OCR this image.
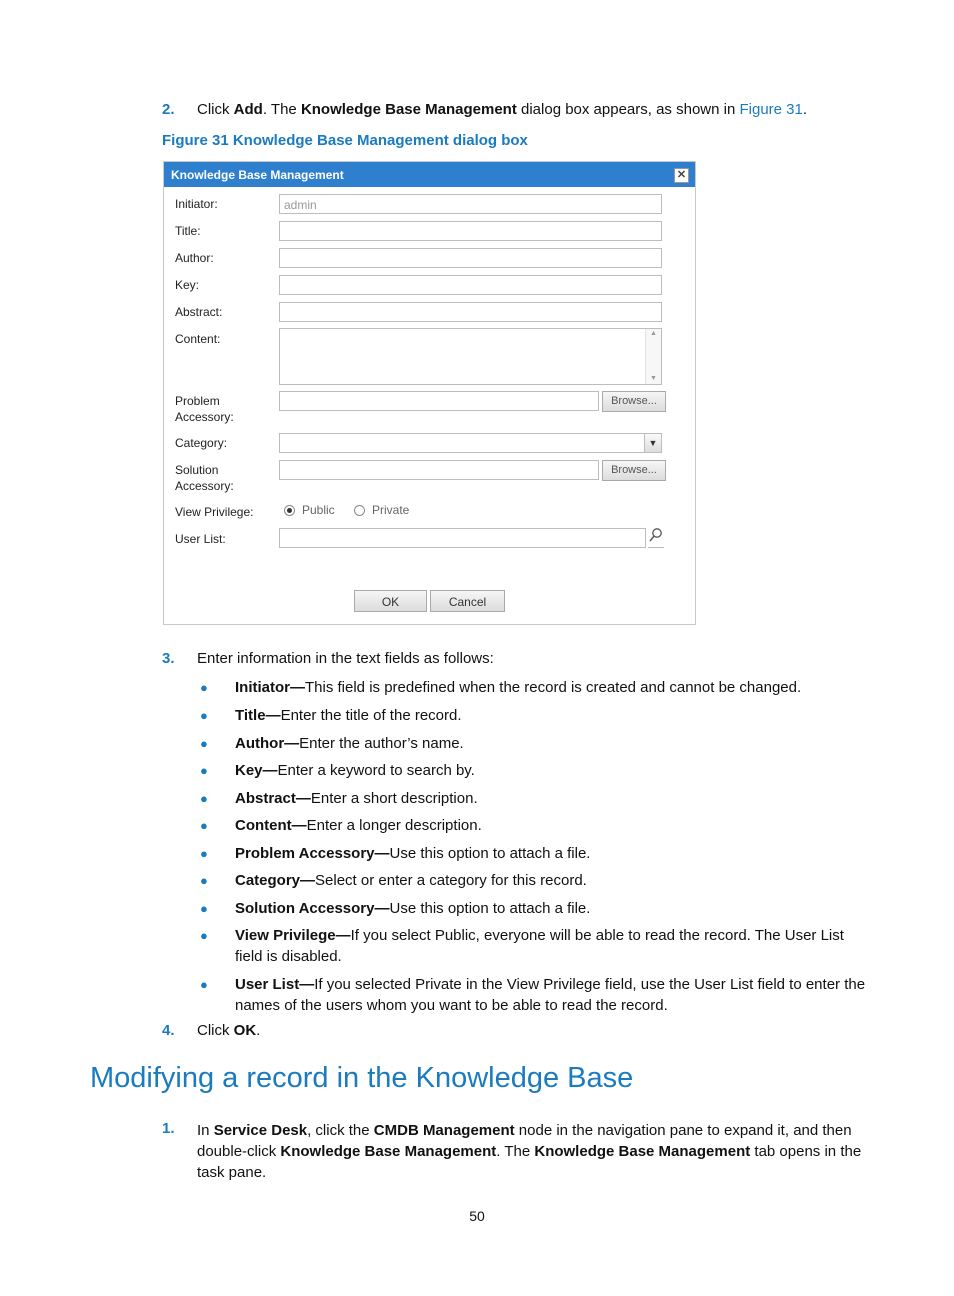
2. Click Add. The Knowledge Base Management dialog box appears, as shown in Figure 31.
Figure 31 Knowledge Base Management dialog box
Knowledge Base Management	✕
Initiator:	admin
Title:
Author:
Key:
Abstract:
Content:	▲
▼
Problem Accessory:
Browse...
Category:	▼
Solution Accessory:
Browse...
View Privilege:	Public	Private
User List:
OK	Cancel
3. Enter information in the text fields as follows:
● Initiator—This field is predefined when the record is created and cannot be changed.
● Title—Enter the title of the record.
● Author—Enter the author’s name.
● Key—Enter a keyword to search by.
● Abstract—Enter a short description.
● Content—Enter a longer description.
● Problem Accessory—Use this option to attach a file.
● Category—Select or enter a category for this record.
● Solution Accessory—Use this option to attach a file.
● View Privilege—If you select Public, everyone will be able to read the record. The User List field is disabled.
● User List—If you selected Private in the View Privilege field, use the User List field to enter the names of the users whom you want to be able to read the record.
4. Click OK.
Modifying a record in the Knowledge Base
1. In Service Desk, click the CMDB Management node in the navigation pane to expand it, and then double-click Knowledge Base Management. The Knowledge Base Management tab opens in the task pane.
50
